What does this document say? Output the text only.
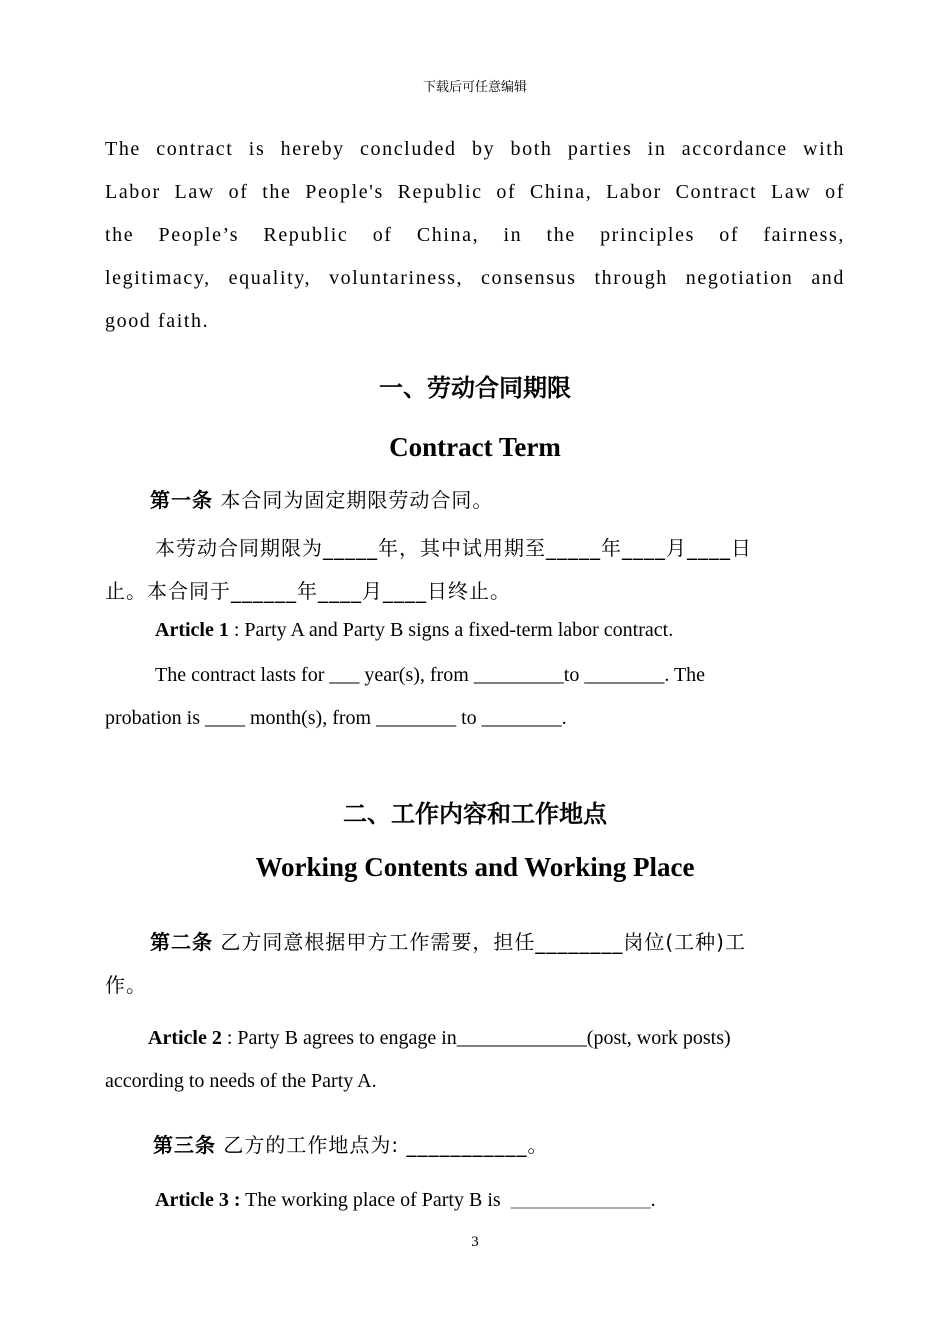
下载后可任意编辑
The contract is hereby concluded by both parties in accordance with
Labor Law of the People's Republic of China, Labor Contract Law of
the People’s Republic of China, in the principles of fairness,
legitimacy, equality, voluntariness, consensus through negotiation and
good faith.
一、劳动合同期限
Contract Term
第一条 本合同为固定期限劳动合同。
本劳动合同期限为_____年，其中试用期至_____年____月____日
止。本合同于______年____月____日终止。
Article 1 : Party A and Party B signs a fixed-term labor contract.
The contract lasts for ___ year(s), from _________to ________. The
probation is ____ month(s), from ________ to ________.
二、工作内容和工作地点
Working Contents and Working Place
第二条 乙方同意根据甲方工作需要，担任________岗位(工种)工
作。
Article 2 : Party B agrees to engage in_____________(post, work posts)
according to needs of the Party A.
第三条 乙方的工作地点为: ___________。
Article 3 : The working place of Party B is  ______________.
3
